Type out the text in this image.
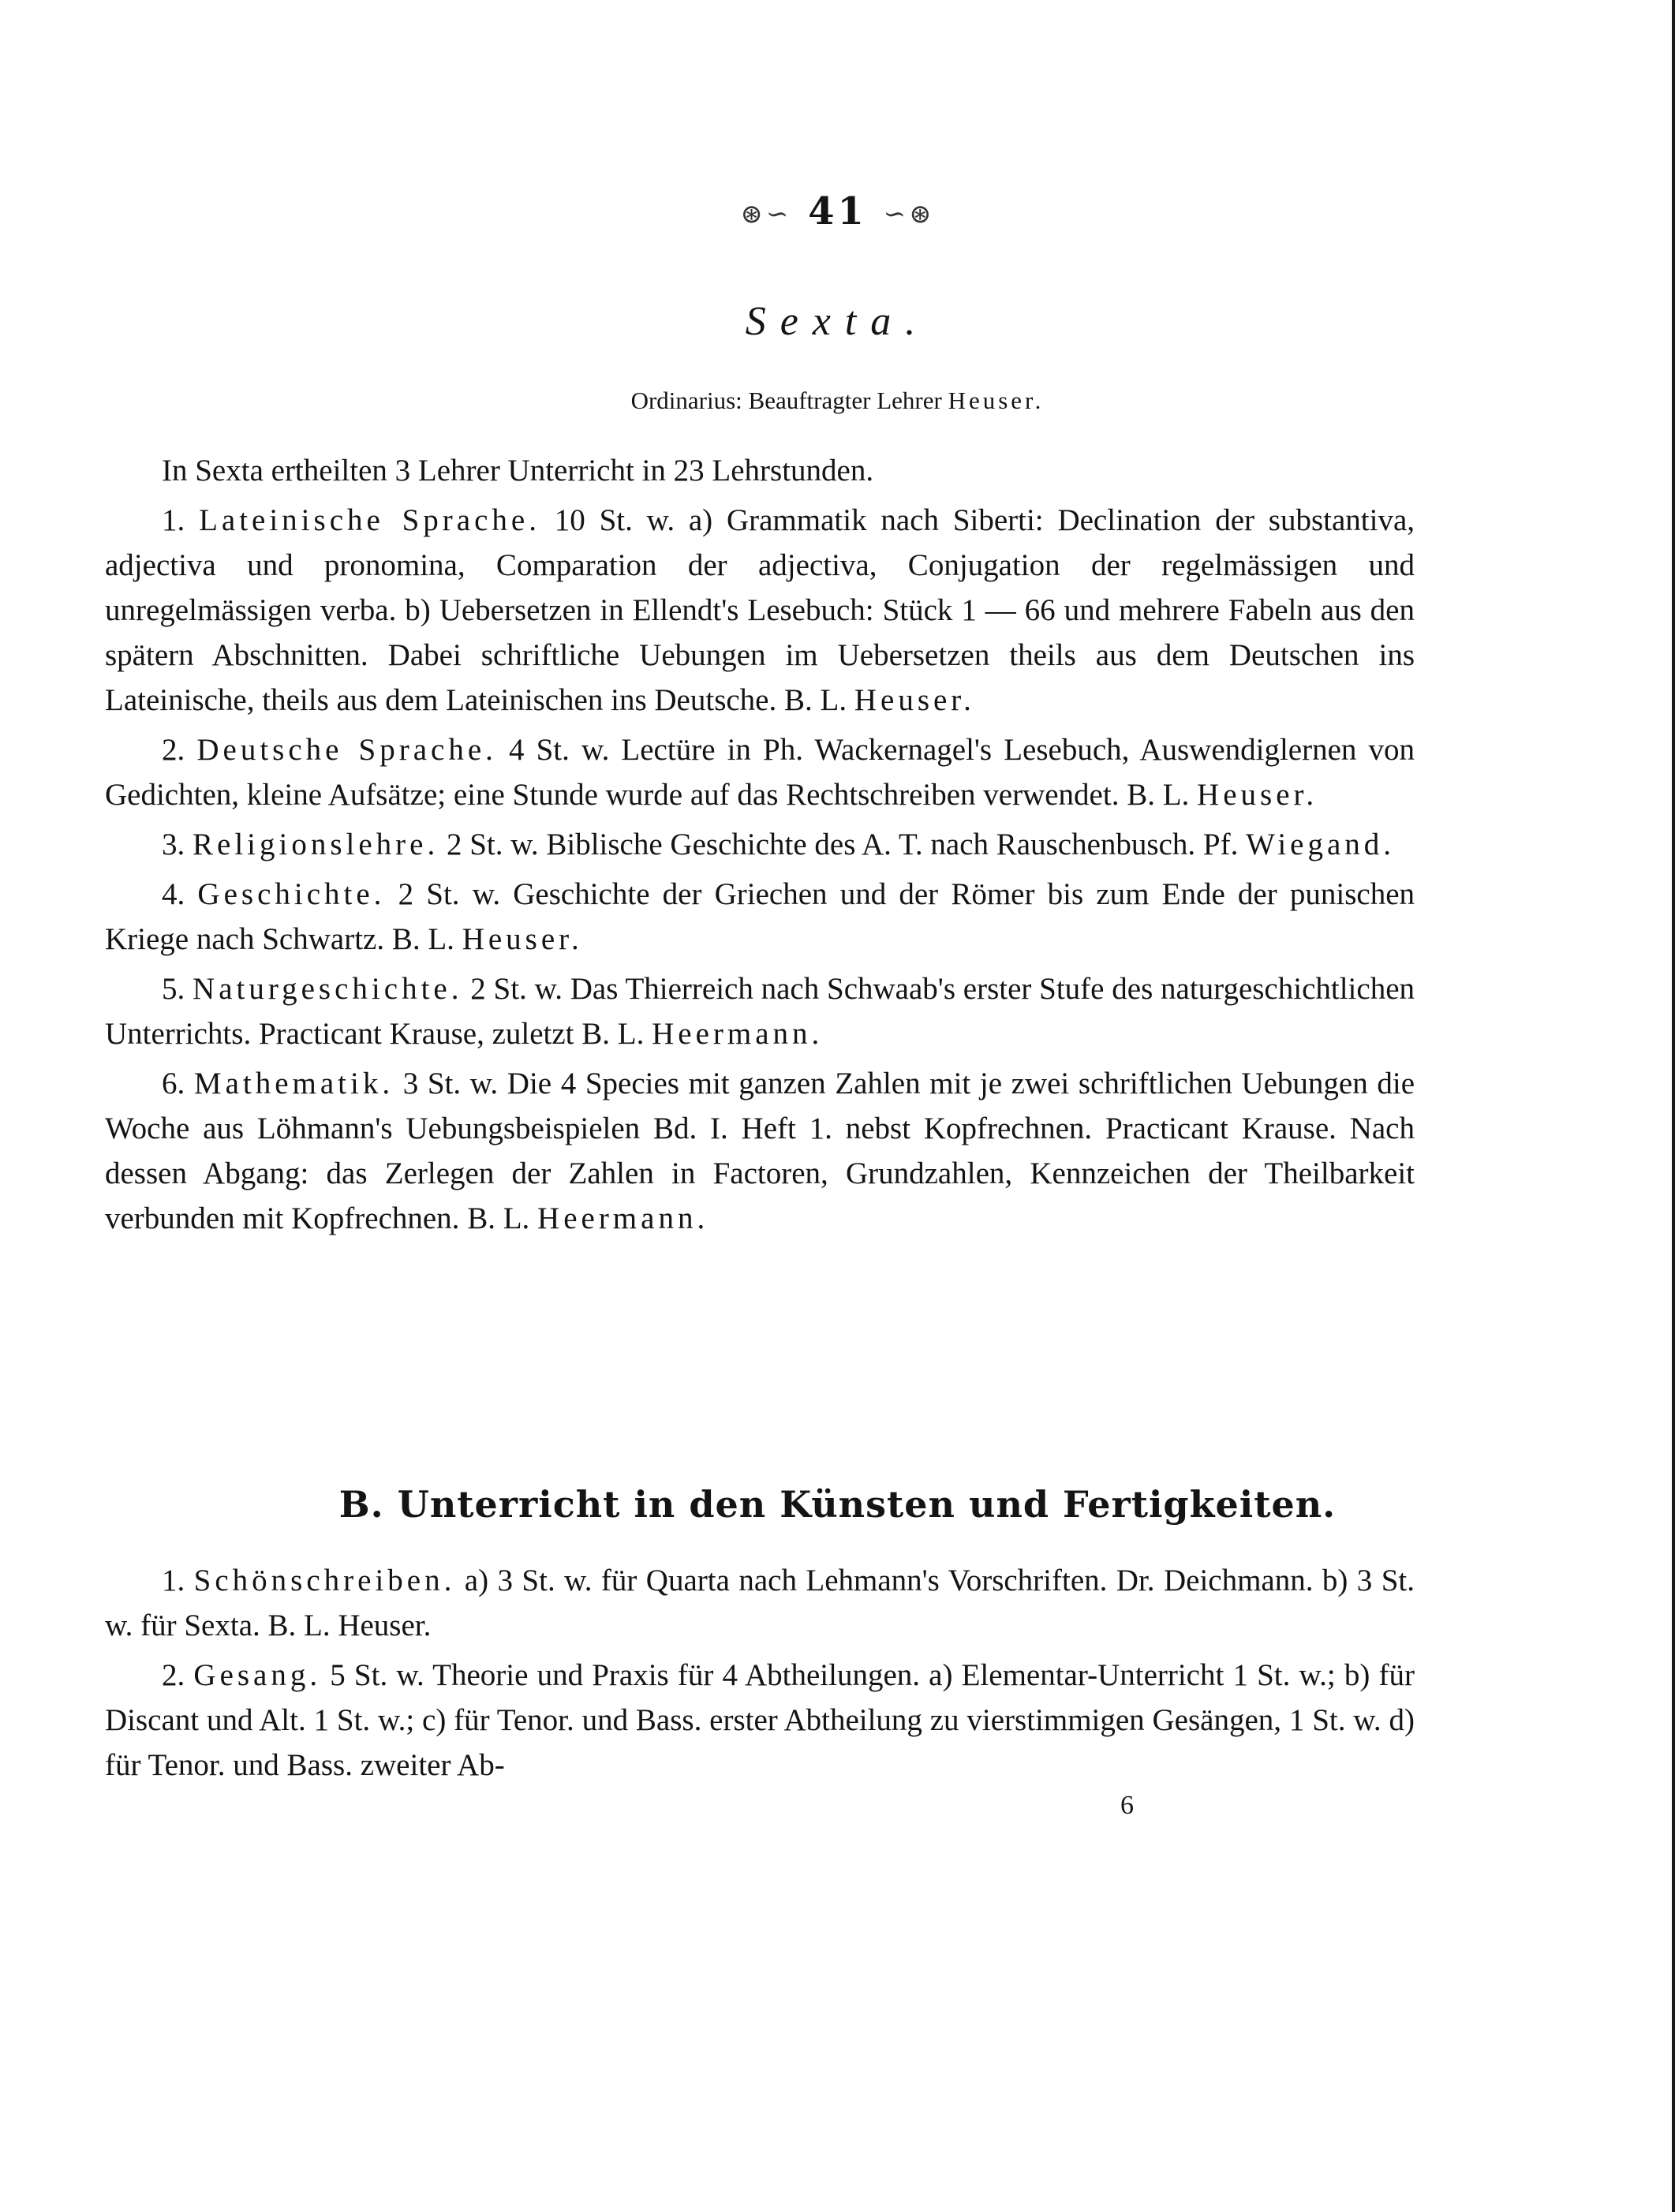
⊛∽ 41 ∽⊛
Sexta.
Ordinarius: Beauftragter Lehrer Heuser.

In Sexta ertheilten 3 Lehrer Unterricht in 23 Lehrstunden.

1. Lateinische Sprache. 10 St. w. a) Grammatik nach Siberti: Declination der substantiva, adjectiva und pronomina, Comparation der adjectiva, Conjugation der regelmässigen und unregelmässigen verba. b) Uebersetzen in Ellendt's Lesebuch: Stück 1 — 66 und mehrere Fabeln aus den spätern Abschnitten. Dabei schriftliche Uebungen im Uebersetzen theils aus dem Deutschen ins Lateinische, theils aus dem Lateinischen ins Deutsche. B. L. Heuser.

2. Deutsche Sprache. 4 St. w. Lectüre in Ph. Wackernagel's Lesebuch, Auswendiglernen von Gedichten, kleine Aufsätze; eine Stunde wurde auf das Rechtschreiben verwendet. B. L. Heuser.

3. Religionslehre. 2 St. w. Biblische Geschichte des A. T. nach Rauschenbusch. Pf. Wiegand.

4. Geschichte. 2 St. w. Geschichte der Griechen und der Römer bis zum Ende der punischen Kriege nach Schwartz. B. L. Heuser.

5. Naturgeschichte. 2 St. w. Das Thierreich nach Schwaab's erster Stufe des naturgeschichtlichen Unterrichts. Practicant Krause, zuletzt B. L. Heermann.

6. Mathematik. 3 St. w. Die 4 Species mit ganzen Zahlen mit je zwei schriftlichen Uebungen die Woche aus Löhmann's Uebungsbeispielen Bd. I. Heft 1. nebst Kopfrechnen. Practicant Krause. Nach dessen Abgang: das Zerlegen der Zahlen in Factoren, Grundzahlen, Kennzeichen der Theilbarkeit verbunden mit Kopfrechnen. B. L. Heermann.

B. Unterricht in den Künsten und Fertigkeiten.

1. Schönschreiben. a) 3 St. w. für Quarta nach Lehmann's Vorschriften. Dr. Deichmann. b) 3 St. w. für Sexta. B. L. Heuser.

2. Gesang. 5 St. w. Theorie und Praxis für 4 Abtheilungen. a) Elementar-Unterricht 1 St. w.; b) für Discant und Alt. 1 St. w.; c) für Tenor. und Bass. erster Abtheilung zu vierstimmigen Gesängen, 1 St. w. d) für Tenor. und Bass. zweiter Ab-

6
